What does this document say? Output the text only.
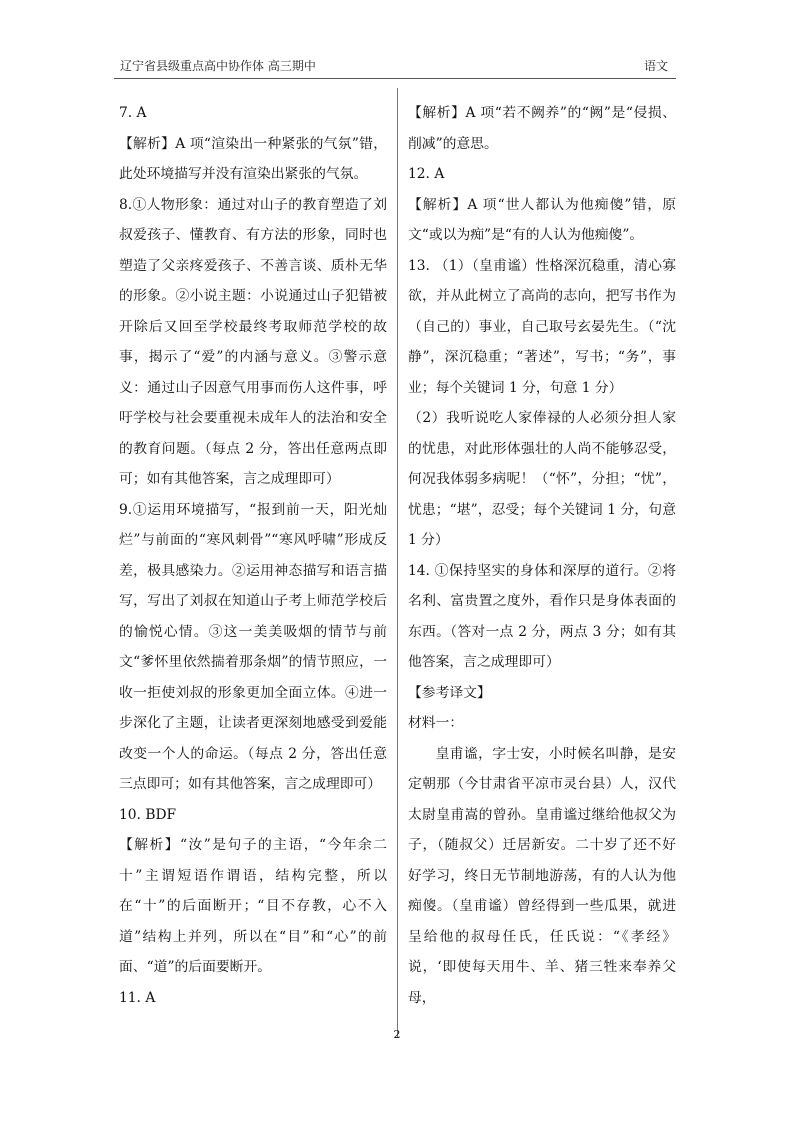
辽宁省县级重点高中协作体 高三期中	语文

7. A

【解析】A 项“渲染出一种紧张的气氛”错，此处环境描写并没有渲染出紧张的气氛。

8.①人物形象：通过对山子的教育塑造了刘叔爱孩子、懂教育、有方法的形象，同时也塑造了父亲疼爱孩子、不善言谈、质朴无华的形象。②小说主题：小说通过山子犯错被开除后又回至学校最终考取师范学校的故事，揭示了“爱”的内涵与意义。③警示意义：通过山子因意气用事而伤人这件事，呼吁学校与社会要重视未成年人的法治和安全的教育问题。（每点 2 分，答出任意两点即可；如有其他答案，言之成理即可）

9.①运用环境描写，“报到前一天，阳光灿烂”与前面的“寒风刺骨”“寒风呼啸”形成反差，极具感染力。②运用神态描写和语言描写，写出了刘叔在知道山子考上师范学校后的愉悦心情。③这一美美吸烟的情节与前文“爹怀里依然揣着那条烟”的情节照应，一收一拒使刘叔的形象更加全面立体。④进一步深化了主题，让读者更深刻地感受到爱能改变一个人的命运。（每点 2 分，答出任意三点即可；如有其他答案，言之成理即可）

10. BDF

【解析】“汝”是句子的主语，“今年余二十”主谓短语作谓语，结构完整，所以在“十”的后面断开；“目不存教，心不入道”结构上并列，所以在“目”和“心”的前面、“道”的后面要断开。

11. A

【解析】A 项“若不阙养”的“阙”是“侵损、削减”的意思。

12. A

【解析】A 项“世人都认为他痴傻”错，原文“或以为痴”是“有的人认为他痴傻”。

13. （1）（皇甫谧）性格深沉稳重，清心寡欲，并从此树立了高尚的志向，把写书作为（自己的）事业，自己取号玄晏先生。（“沈静”，深沉稳重；“著述”，写书；“务”，事业；每个关键词 1 分，句意 1 分）

（2）我听说吃人家俸禄的人必须分担人家的忧患，对此形体强壮的人尚不能够忍受，何况我体弱多病呢！（“怀”，分担；“忧”，忧患；“堪”，忍受；每个关键词 1 分，句意 1 分）

14. ①保持坚实的身体和深厚的道行。②将名利、富贵置之度外，看作只是身体表面的东西。（答对一点 2 分，两点 3 分；如有其他答案，言之成理即可）

【参考译文】

材料一：

皇甫谧，字士安，小时候名叫静，是安定朝那（今甘肃省平凉市灵台县）人，汉代太尉皇甫嵩的曾孙。皇甫谧过继给他叔父为子，（随叔父）迁居新安。二十岁了还不好好学习，终日无节制地游荡，有的人认为他痴傻。（皇甫谧）曾经得到一些瓜果，就进呈给他的叔母任氏，任氏说：“《孝经》说，‘即使每天用牛、羊、猪三牲来奉养父母，

2
